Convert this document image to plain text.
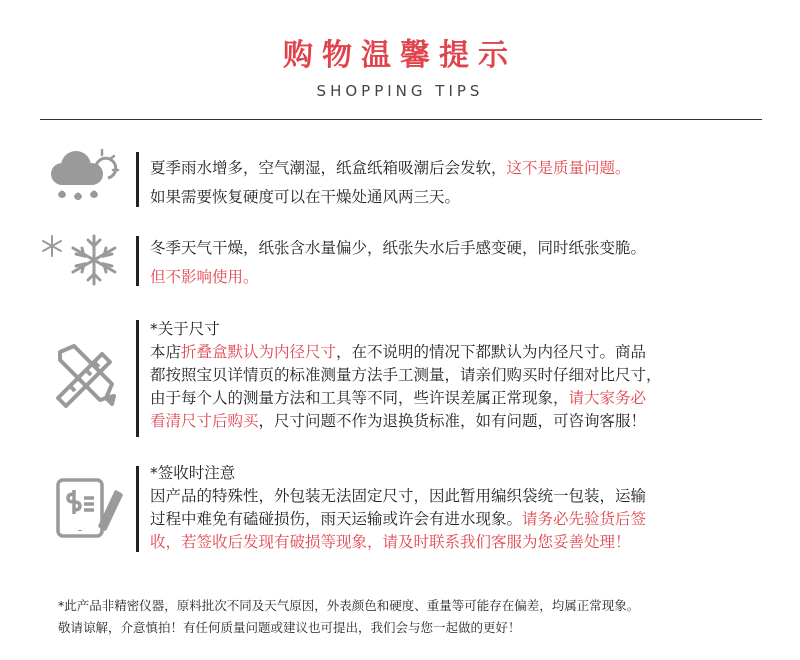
购物温馨提示
SHOPPING TIPS

夏季雨水增多，空气潮湿，纸盒纸箱吸潮后会发软，这不是质量问题。

如果需要恢复硬度可以在干燥处通风两三天。

冬季天气干燥，纸张含水量偏少，纸张失水后手感变硬，同时纸张变脆。

但不影响使用。

*关于尺寸

本店折叠盒默认为内径尺寸，在不说明的情况下都默认为内径尺寸。商品

都按照宝贝详情页的标准测量方法手工测量，请亲们购买时仔细对比尺寸，

由于每个人的测量方法和工具等不同，些许误差属正常现象，请大家务必

看清尺寸后购买，尺寸问题不作为退换货标准，如有问题，可咨询客服！

*签收时注意

因产品的特殊性，外包装无法固定尺寸，因此暂用编织袋统一包装，运输

过程中难免有磕碰损伤，雨天运输或许会有进水现象。请务必先验货后签

收，若签收后发现有破损等现象，请及时联系我们客服为您妥善处理！

*此产品非精密仪器，原料批次不同及天气原因，外表颜色和硬度、重量等可能存在偏差，均属正常现象。

敬请谅解，介意慎拍！有任何质量问题或建议也可提出，我们会与您一起做的更好！
